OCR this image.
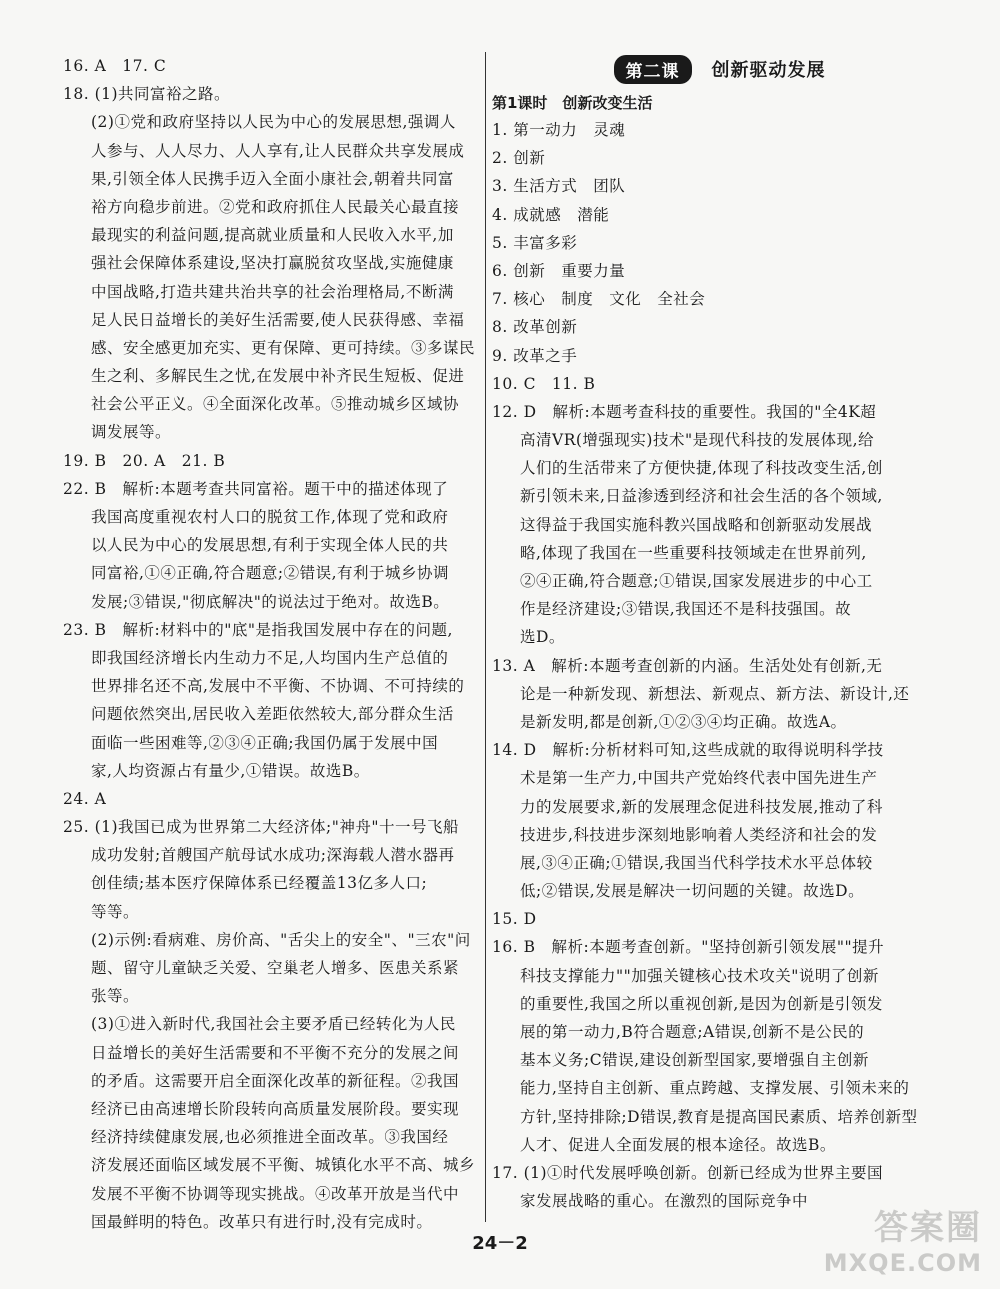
16. A　17. C
18. (1)共同富裕之路。
(2)①党和政府坚持以人民为中心的发展思想,强调人
人参与、人人尽力、人人享有,让人民群众共享发展成
果,引领全体人民携手迈入全面小康社会,朝着共同富
裕方向稳步前进。②党和政府抓住人民最关心最直接
最现实的利益问题,提高就业质量和人民收入水平,加
强社会保障体系建设,坚决打赢脱贫攻坚战,实施健康
中国战略,打造共建共治共享的社会治理格局,不断满
足人民日益增长的美好生活需要,使人民获得感、幸福
感、安全感更加充实、更有保障、更可持续。③多谋民
生之利、多解民生之忧,在发展中补齐民生短板、促进
社会公平正义。④全面深化改革。⑤推动城乡区域协
调发展等。
19. B　20. A　21. B
22. B　解析:本题考查共同富裕。题干中的描述体现了
我国高度重视农村人口的脱贫工作,体现了党和政府
以人民为中心的发展思想,有利于实现全体人民的共
同富裕,①④正确,符合题意;②错误,有利于城乡协调
发展;③错误,"彻底解决"的说法过于绝对。故选B。
23. B　解析:材料中的"底"是指我国发展中存在的问题,
即我国经济增长内生动力不足,人均国内生产总值的
世界排名还不高,发展中不平衡、不协调、不可持续的
问题依然突出,居民收入差距依然较大,部分群众生活
面临一些困难等,②③④正确;我国仍属于发展中国
家,人均资源占有量少,①错误。故选B。
24. A
25. (1)我国已成为世界第二大经济体;"神舟"十一号飞船
成功发射;首艘国产航母试水成功;深海载人潜水器再
创佳绩;基本医疗保障体系已经覆盖13亿多人口;
等等。
(2)示例:看病难、房价高、"舌尖上的安全"、"三农"问
题、留守儿童缺乏关爱、空巢老人增多、医患关系紧
张等。
(3)①进入新时代,我国社会主要矛盾已经转化为人民
日益增长的美好生活需要和不平衡不充分的发展之间
的矛盾。这需要开启全面深化改革的新征程。②我国
经济已由高速增长阶段转向高质量发展阶段。要实现
经济持续健康发展,也必须推进全面改革。③我国经
济发展还面临区域发展不平衡、城镇化水平不高、城乡
发展不平衡不协调等现实挑战。④改革开放是当代中
国最鲜明的特色。改革只有进行时,没有完成时。
第二课	创新驱动发展
第1课时　创新改变生活
1. 第一动力　灵魂
2. 创新
3. 生活方式　团队
4. 成就感　潜能
5. 丰富多彩
6. 创新　重要力量
7. 核心　制度　文化　全社会
8. 改革创新
9. 改革之手
10. C　11. B
12. D　解析:本题考查科技的重要性。我国的"全4K超
高清VR(增强现实)技术"是现代科技的发展体现,给
人们的生活带来了方便快捷,体现了科技改变生活,创
新引领未来,日益渗透到经济和社会生活的各个领域,
这得益于我国实施科教兴国战略和创新驱动发展战
略,体现了我国在一些重要科技领域走在世界前列,
②④正确,符合题意;①错误,国家发展进步的中心工
作是经济建设;③错误,我国还不是科技强国。故
选D。
13. A　解析:本题考查创新的内涵。生活处处有创新,无
论是一种新发现、新想法、新观点、新方法、新设计,还
是新发明,都是创新,①②③④均正确。故选A。
14. D　解析:分析材料可知,这些成就的取得说明科学技
术是第一生产力,中国共产党始终代表中国先进生产
力的发展要求,新的发展理念促进科技发展,推动了科
技进步,科技进步深刻地影响着人类经济和社会的发
展,③④正确;①错误,我国当代科学技术水平总体较
低;②错误,发展是解决一切问题的关键。故选D。
15. D
16. B　解析:本题考查创新。"坚持创新引领发展""提升
科技支撑能力""加强关键核心技术攻关"说明了创新
的重要性,我国之所以重视创新,是因为创新是引领发
展的第一动力,B符合题意;A错误,创新不是公民的
基本义务;C错误,建设创新型国家,要增强自主创新
能力,坚持自主创新、重点跨越、支撑发展、引领未来的
方针,坚持排除;D错误,教育是提高国民素质、培养创新型
人才、促进人全面发展的根本途径。故选B。
17. (1)①时代发展呼唤创新。创新已经成为世界主要国
家发展战略的重心。在激烈的国际竞争中
24－2	答案圈
MXQE.COM
